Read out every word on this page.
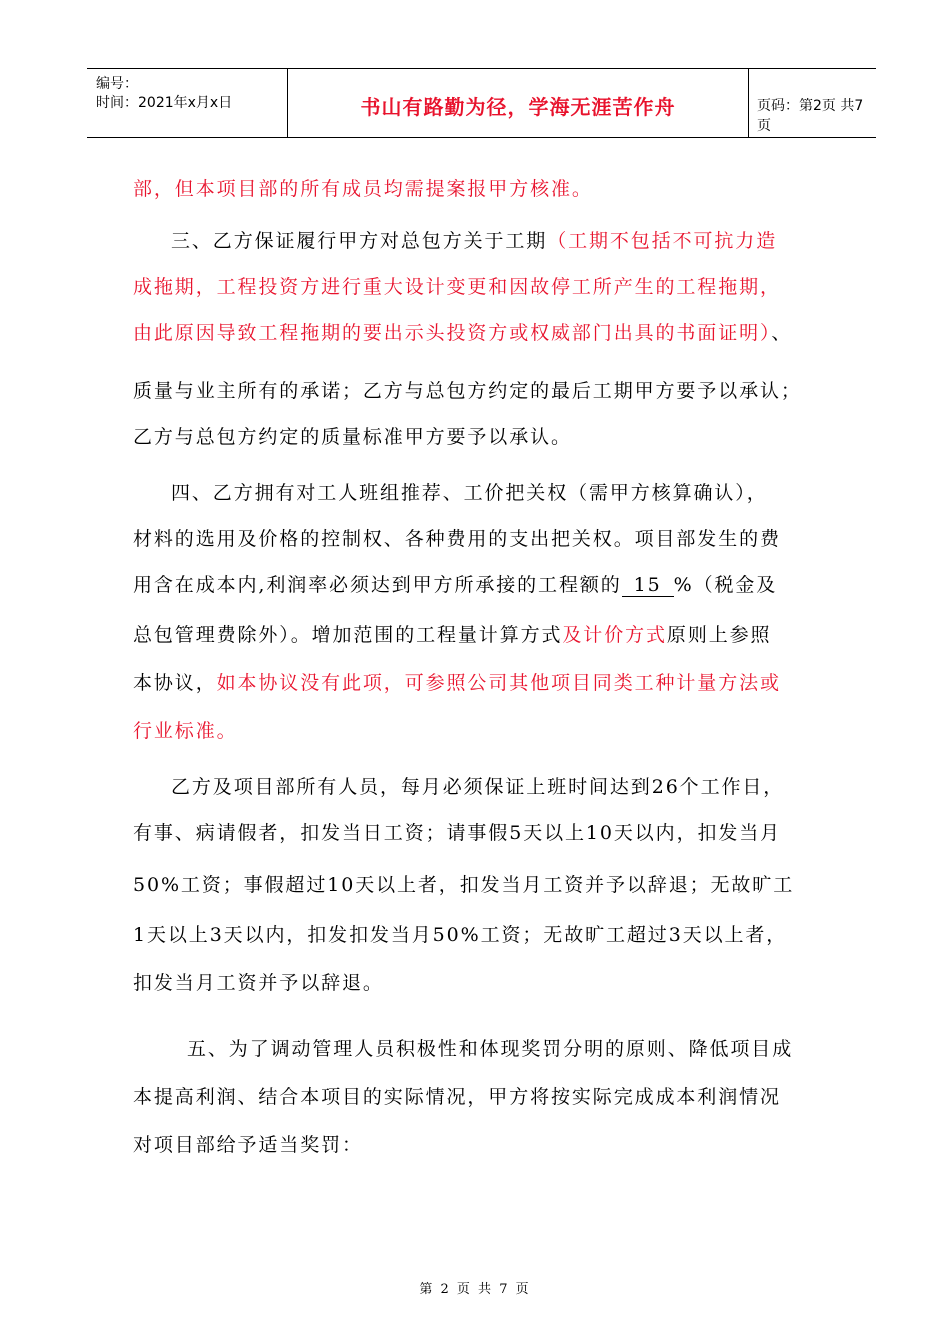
编号：
时间：2021年x月x日	书山有路勤为径，学海无涯苦作舟	页码：第2页 共7页
部，但本项目部的所有成员均需提案报甲方核准。
三、乙方保证履行甲方对总包方关于工期（工期不包括不可抗力造
成拖期，工程投资方进行重大设计变更和因故停工所产生的工程拖期，
由此原因导致工程拖期的要出示头投资方或权威部门出具的书面证明）、
质量与业主所有的承诺；乙方与总包方约定的最后工期甲方要予以承认；
乙方与总包方约定的质量标准甲方要予以承认。
四、乙方拥有对工人班组推荐、工价把关权（需甲方核算确认），
材料的选用及价格的控制权、各种费用的支出把关权。项目部发生的费
用含在成本内,利润率必须达到甲方所承接的工程额的 15 %（税金及
总包管理费除外）。增加范围的工程量计算方式及计价方式原则上参照
本协议，如本协议没有此项，可参照公司其他项目同类工种计量方法或
行业标准。
乙方及项目部所有人员，每月必须保证上班时间达到26个工作日，
有事、病请假者，扣发当日工资；请事假5天以上10天以内，扣发当月
50%工资；事假超过10天以上者，扣发当月工资并予以辞退；无故旷工
1天以上3天以内，扣发扣发当月50%工资；无故旷工超过3天以上者，
扣发当月工资并予以辞退。
五、为了调动管理人员积极性和体现奖罚分明的原则、降低项目成
本提高利润、结合本项目的实际情况，甲方将按实际完成成本利润情况
对项目部给予适当奖罚：
第 2 页 共 7 页
